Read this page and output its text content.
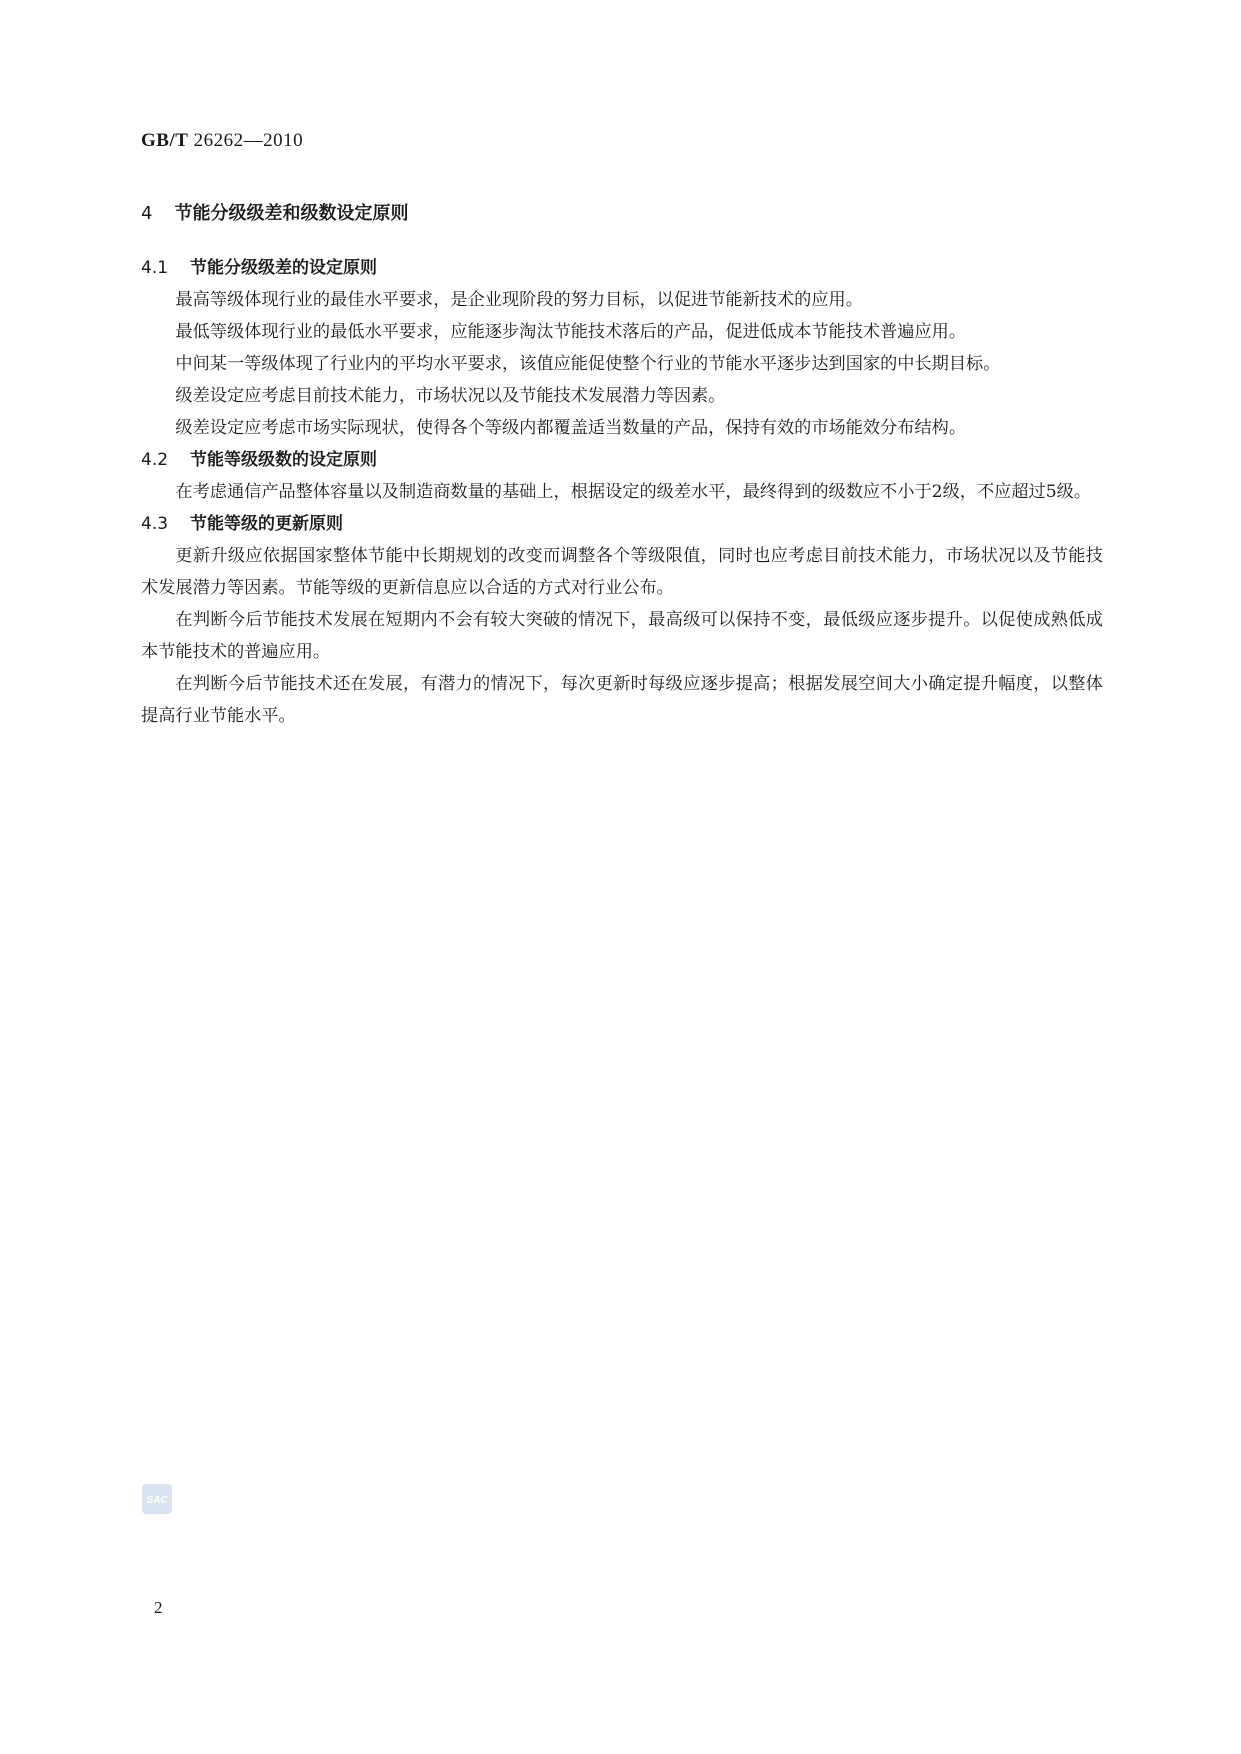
GB/T 26262—2010
4 节能分级级差和级数设定原则
4.1 节能分级级差的设定原则

最高等级体现行业的最佳水平要求，是企业现阶段的努力目标，以促进节能新技术的应用。

最低等级体现行业的最低水平要求，应能逐步淘汰节能技术落后的产品，促进低成本节能技术普遍应用。

中间某一等级体现了行业内的平均水平要求，该值应能促使整个行业的节能水平逐步达到国家的中长期目标。

级差设定应考虑目前技术能力，市场状况以及节能技术发展潜力等因素。

级差设定应考虑市场实际现状，使得各个等级内都覆盖适当数量的产品，保持有效的市场能效分布结构。

4.2 节能等级级数的设定原则

在考虑通信产品整体容量以及制造商数量的基础上，根据设定的级差水平，最终得到的级数应不小于2级，不应超过5级。

4.3 节能等级的更新原则

更新升级应依据国家整体节能中长期规划的改变而调整各个等级限值，同时也应考虑目前技术能力，市场状况以及节能技术发展潜力等因素。节能等级的更新信息应以合适的方式对行业公布。

在判断今后节能技术发展在短期内不会有较大突破的情况下，最高级可以保持不变，最低级应逐步提升。以促使成熟低成本节能技术的普遍应用。

在判断今后节能技术还在发展，有潜力的情况下，每次更新时每级应逐步提高；根据发展空间大小确定提升幅度，以整体提高行业节能水平。

SAC
2
